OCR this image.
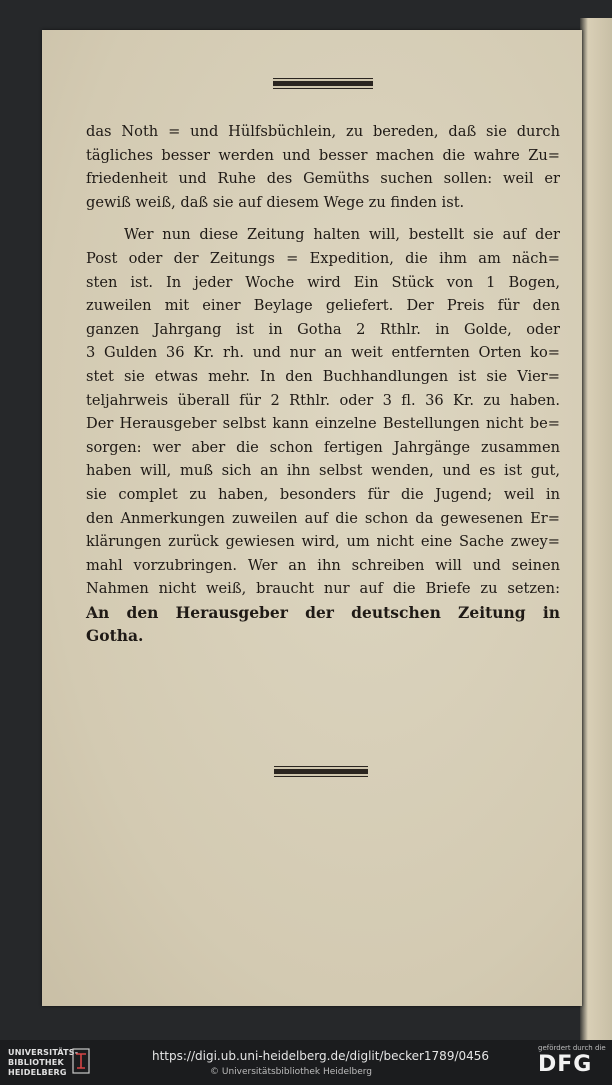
das Noth = und Hülfsbüchlein, zu bereden, daß sie durch
tägliches besser werden und besser machen die wahre Zu=
friedenheit und Ruhe des Gemüths suchen sollen: weil er
gewiß weiß, daß sie auf diesem Wege zu finden ist.
Wer nun diese Zeitung halten will, bestellt sie auf der
Post oder der Zeitungs = Expedition, die ihm am näch=
sten ist. In jeder Woche wird Ein Stück von 1 Bogen,
zuweilen mit einer Beylage geliefert. Der Preis für den
ganzen Jahrgang ist in Gotha 2 Rthlr. in Golde, oder
3 Gulden 36 Kr. rh. und nur an weit entfernten Orten ko=
stet sie etwas mehr. In den Buchhandlungen ist sie Vier=
teljahrweis überall für 2 Rthlr. oder 3 fl. 36 Kr. zu haben.
Der Herausgeber selbst kann einzelne Bestellungen nicht be=
sorgen: wer aber die schon fertigen Jahrgänge zusammen
haben will, muß sich an ihn selbst wenden, und es ist gut,
sie complet zu haben, besonders für die Jugend; weil in
den Anmerkungen zuweilen auf die schon da gewesenen Er=
klärungen zurück gewiesen wird, um nicht eine Sache zwey=
mahl vorzubringen. Wer an ihn schreiben will und seinen
Nahmen nicht weiß, braucht nur auf die Briefe zu setzen:
An den Herausgeber der deutschen Zeitung in
Gotha.
UNIVERSITÄTS-
BIBLIOTHEK
HEIDELBERG
https://digi.ub.uni-heidelberg.de/diglit/becker1789/0456
© Universitätsbibliothek Heidelberg
gefördert durch die
DFG
